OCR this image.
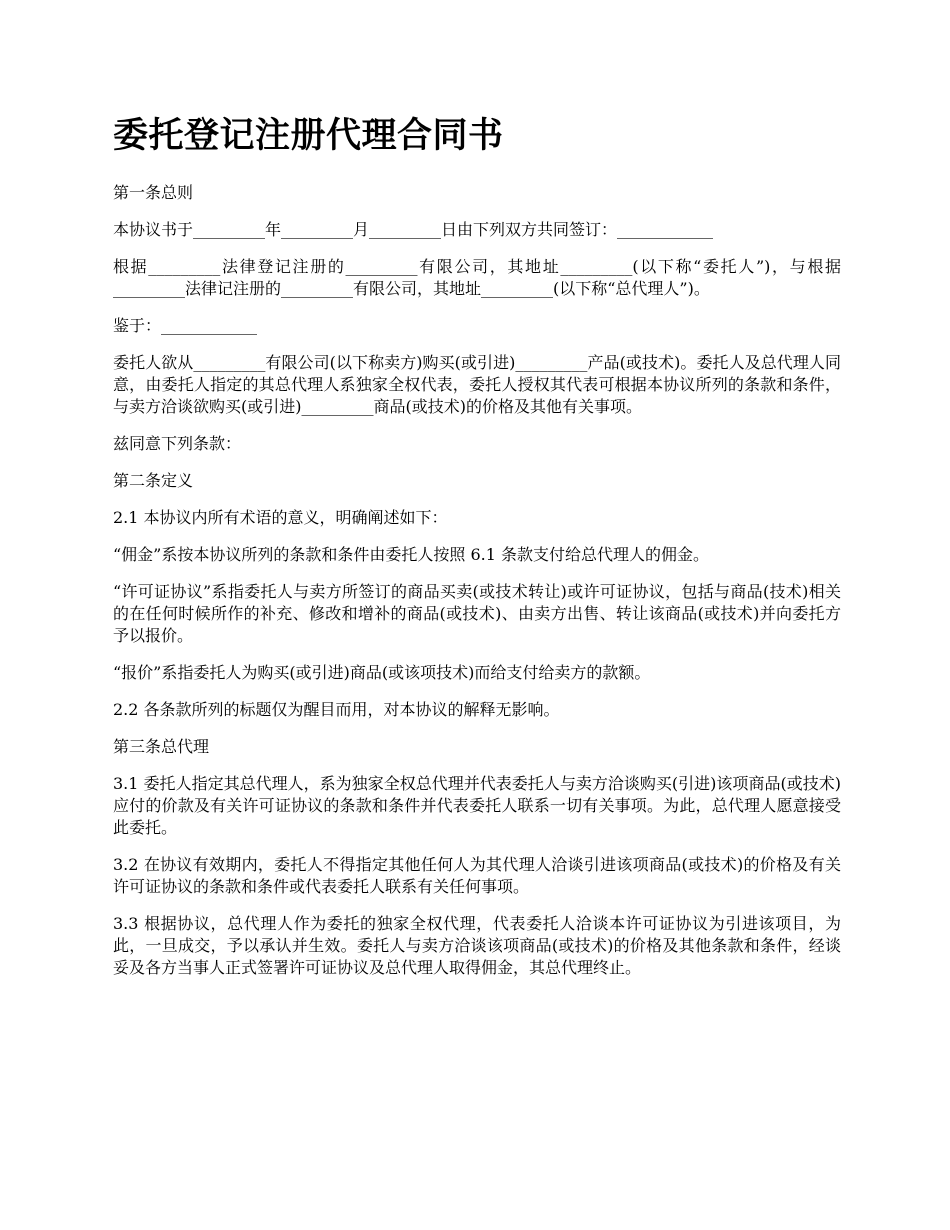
委托登记注册代理合同书

第一条总则

本协议书于_________年_________月_________日由下列双方共同签订：____________

根据_________法律登记注册的_________有限公司，其地址_________(以下称“委托人”)，与根据_________法律记注册的_________有限公司，其地址_________(以下称“总代理人”)。

鉴于：____________

委托人欲从_________有限公司(以下称卖方)购买(或引进)_________产品(或技术)。委托人及总代理人同意，由委托人指定的其总代理人系独家全权代表，委托人授权其代表可根据本协议所列的条款和条件，与卖方洽谈欲购买(或引进)_________商品(或技术)的价格及其他有关事项。

兹同意下列条款：

第二条定义

2.1 本协议内所有术语的意义，明确阐述如下：

“佣金”系按本协议所列的条款和条件由委托人按照 6.1 条款支付给总代理人的佣金。

“许可证协议”系指委托人与卖方所签订的商品买卖(或技术转让)或许可证协议，包括与商品(技术)相关的在任何时候所作的补充、修改和增补的商品(或技术)、由卖方出售、转让该商品(或技术)并向委托方予以报价。

“报价”系指委托人为购买(或引进)商品(或该项技术)而给支付给卖方的款额。

2.2 各条款所列的标题仅为醒目而用，对本协议的解释无影响。

第三条总代理

3.1 委托人指定其总代理人，系为独家全权总代理并代表委托人与卖方洽谈购买(引进)该项商品(或技术)应付的价款及有关许可证协议的条款和条件并代表委托人联系一切有关事项。为此，总代理人愿意接受此委托。

3.2 在协议有效期内，委托人不得指定其他任何人为其代理人洽谈引进该项商品(或技术)的价格及有关许可证协议的条款和条件或代表委托人联系有关任何事项。

3.3 根据协议，总代理人作为委托的独家全权代理，代表委托人洽谈本许可证协议为引进该项目，为此，一旦成交，予以承认并生效。委托人与卖方洽谈该项商品(或技术)的价格及其他条款和条件，经谈妥及各方当事人正式签署许可证协议及总代理人取得佣金，其总代理终止。
